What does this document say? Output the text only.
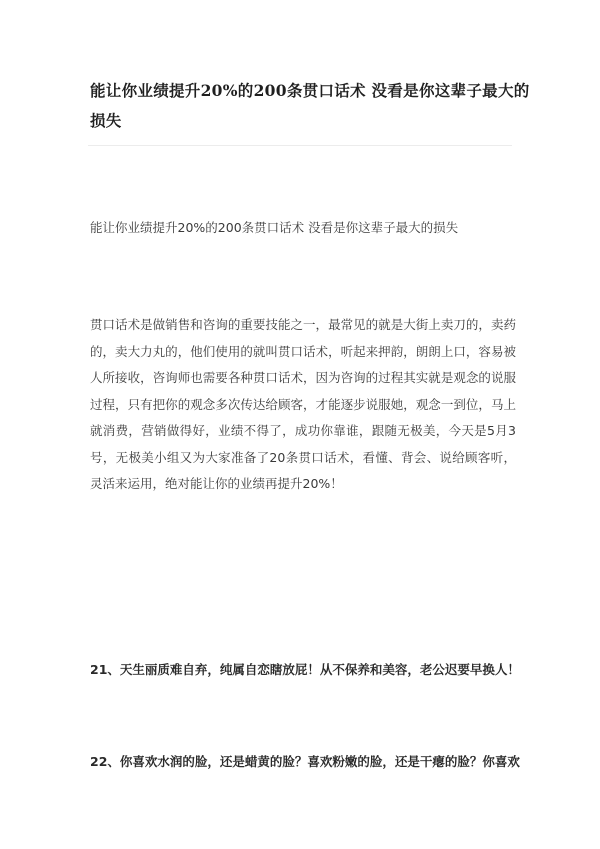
能让你业绩提升20%的200条贯口话术 没看是你这辈子最大的损失
能让你业绩提升20%的200条贯口话术 没看是你这辈子最大的损失
贯口话术是做销售和咨询的重要技能之一，最常见的就是大街上卖刀的，卖药的，卖大力丸的，他们使用的就叫贯口话术，听起来押韵，朗朗上口，容易被人所接收，咨询师也需要各种贯口话术，因为咨询的过程其实就是观念的说服过程，只有把你的观念多次传达给顾客，才能逐步说服她，观念一到位，马上就消费，营销做得好，业绩不得了，成功你靠谁，跟随无极美，今天是5月3号，无极美小组又为大家准备了20条贯口话术，看懂、背会、说给顾客听，灵活来运用，绝对能让你的业绩再提升20%！
21、天生丽质难自弃，纯属自恋瞎放屁！从不保养和美容，老公迟要早换人！
22、你喜欢水润的脸，还是蜡黄的脸？喜欢粉嫩的脸，还是干瘪的脸？你喜欢
